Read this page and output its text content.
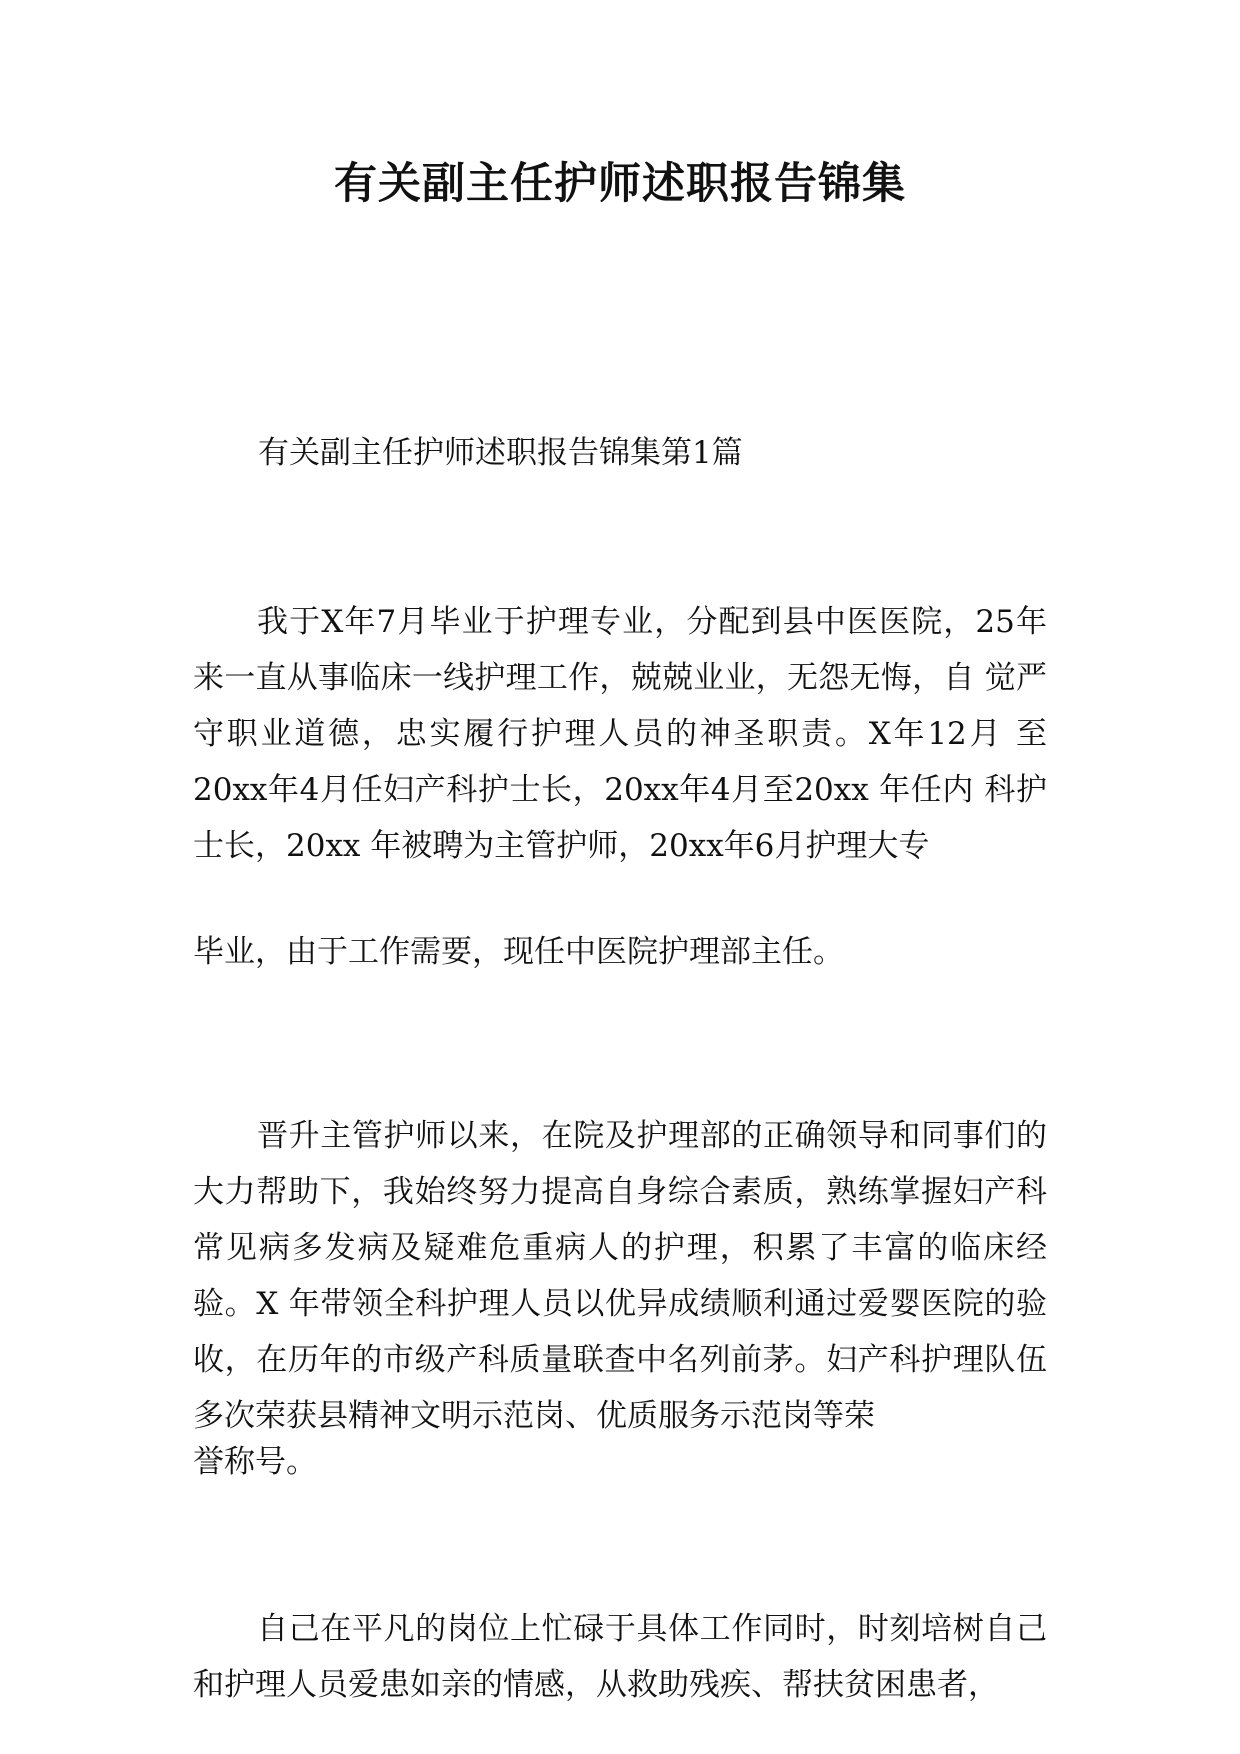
有关副主任护师述职报告锦集

有关副主任护师述职报告锦集第1篇

我于X年7月毕业于护理专业，分配到县中医医院，25年来一直从事临床一线护理工作，兢兢业业，无怨无悔，自 觉严守职业道德，忠实履行护理人员的神圣职责。X年12月 至20xx年4月任妇产科护士长，20xx年4月至20xx 年任内 科护士长，20xx 年被聘为主管护师，20xx年6月护理大专

毕业，由于工作需要，现任中医院护理部主任。

晋升主管护师以来，在院及护理部的正确领导和同事们的大力帮助下，我始终努力提高自身综合素质，熟练掌握妇产科常见病多发病及疑难危重病人的护理，积累了丰富的临床经验。X 年带领全科护理人员以优异成绩顺利通过爱婴医院的验收，在历年的市级产科质量联查中名列前茅。妇产科护理队伍多次荣获县精神文明示范岗、优质服务示范岗等荣

誉称号。

自己在平凡的岗位上忙碌于具体工作同时，时刻培树自己和护理人员爱患如亲的情感，从救助残疾、帮扶贫困患者，
